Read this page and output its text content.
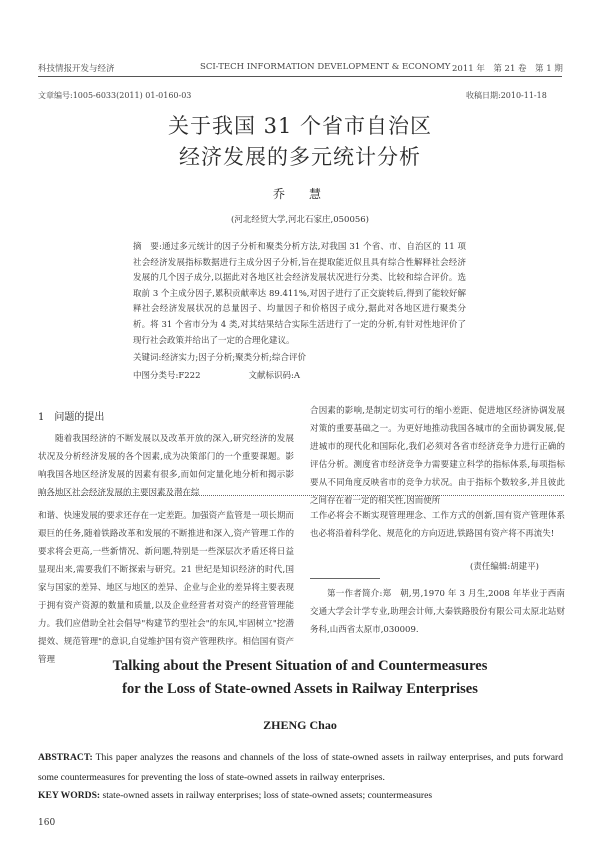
科技情报开发与经济	SCI-TECH INFORMATION DEVELOPMENT & ECONOMY 2011 年　第 21 卷　第 1 期
文章编号:1005-6033(2011) 01-0160-03	收稿日期:2010-11-18
关于我国 31 个省市自治区
经济发展的多元统计分析
乔　慧
(河北经贸大学,河北石家庄,050056)
摘　要:通过多元统计的因子分析和聚类分析方法,对我国 31 个省、市、自治区的 11 项社会经济发展指标数据进行主成分因子分析,旨在提取能近似且具有综合性解释社会经济发展的几个因子成分,以据此对各地区社会经济发展状况进行分类、比较和综合评价。选取前 3 个主成分因子,累积贡献率达 89.411%,对因子进行了正交旋转后,得到了能较好解释社会经济发展状况的总量因子、均量因子和价格因子成分,据此对各地区进行聚类分析。将 31 个省市分为 4 类,对其结果结合实际生活进行了一定的分析,有针对性地评价了现行社会政策并给出了一定的合理化建议。
关键词:经济实力;因子分析;聚类分析;综合评价
中图分类号:F222	文献标识码:A
1　问题的提出

随着我国经济的不断发展以及改革开放的深入,研究经济的发展状况及分析经济发展的各个因素,成为决策部门的一个重要课题。影响我国各地区经济发展的因素有很多,而如何定量化地分析和揭示影响各地区社会经济发展的主要因素及潜在综

合因素的影响,是制定切实可行的缩小差距、促进地区经济协调发展对策的重要基础之一。为更好地推动我国各城市的全面协调发展,促进城市的现代化和国际化,我们必须对各省市经济竞争力进行正确的评估分析。测度省市经济竞争力需要建立科学的指标体系,每项指标要从不同角度反映省市的竞争力状况。由于指标个数较多,并且彼此之间存在着一定的相关性,因而使所

和谐、快速发展的要求还存在一定差距。加强资产监管是一项长期而艰巨的任务,随着铁路改革和发展的不断推进和深入,资产管理工作的要求将会更高,一些新情况、新问题,特别是一些深层次矛盾还将日益显现出来,需要我们不断探索与研究。21 世纪是知识经济的时代,国家与国家的差异、地区与地区的差异、企业与企业的差异将主要表现于拥有资产资源的数量和质量,以及企业经营者对资产的经营管理能力。我们应借助全社会倡导"构建节约型社会"的东风,牢固树立"挖潜提效、规范管理"的意识,自觉维护国有资产管理秩序。相信国有资产管理

工作必将会不断实现管理理念、工作方式的创新,国有资产管理体系也必将沿着科学化、规范化的方向迈进,铁路国有资产将不再流失!

(责任编辑:胡建平)
第一作者简介:郑　朝,男,1970 年 3 月生,2008 年毕业于西南交通大学会计学专业,助理会计师,大秦铁路股份有限公司太原北站财务科,山西省太原市,030009.
Talking about the Present Situation of and Countermeasures
for the Loss of State-owned Assets in Railway Enterprises
ZHENG Chao
ABSTRACT: This paper analyzes the reasons and channels of the loss of state-owned assets in railway enterprises, and puts forward some countermeasures for preventing the loss of state-owned assets in railway enterprises.
KEY WORDS: state-owned assets in railway enterprises; loss of state-owned assets; countermeasures
160
